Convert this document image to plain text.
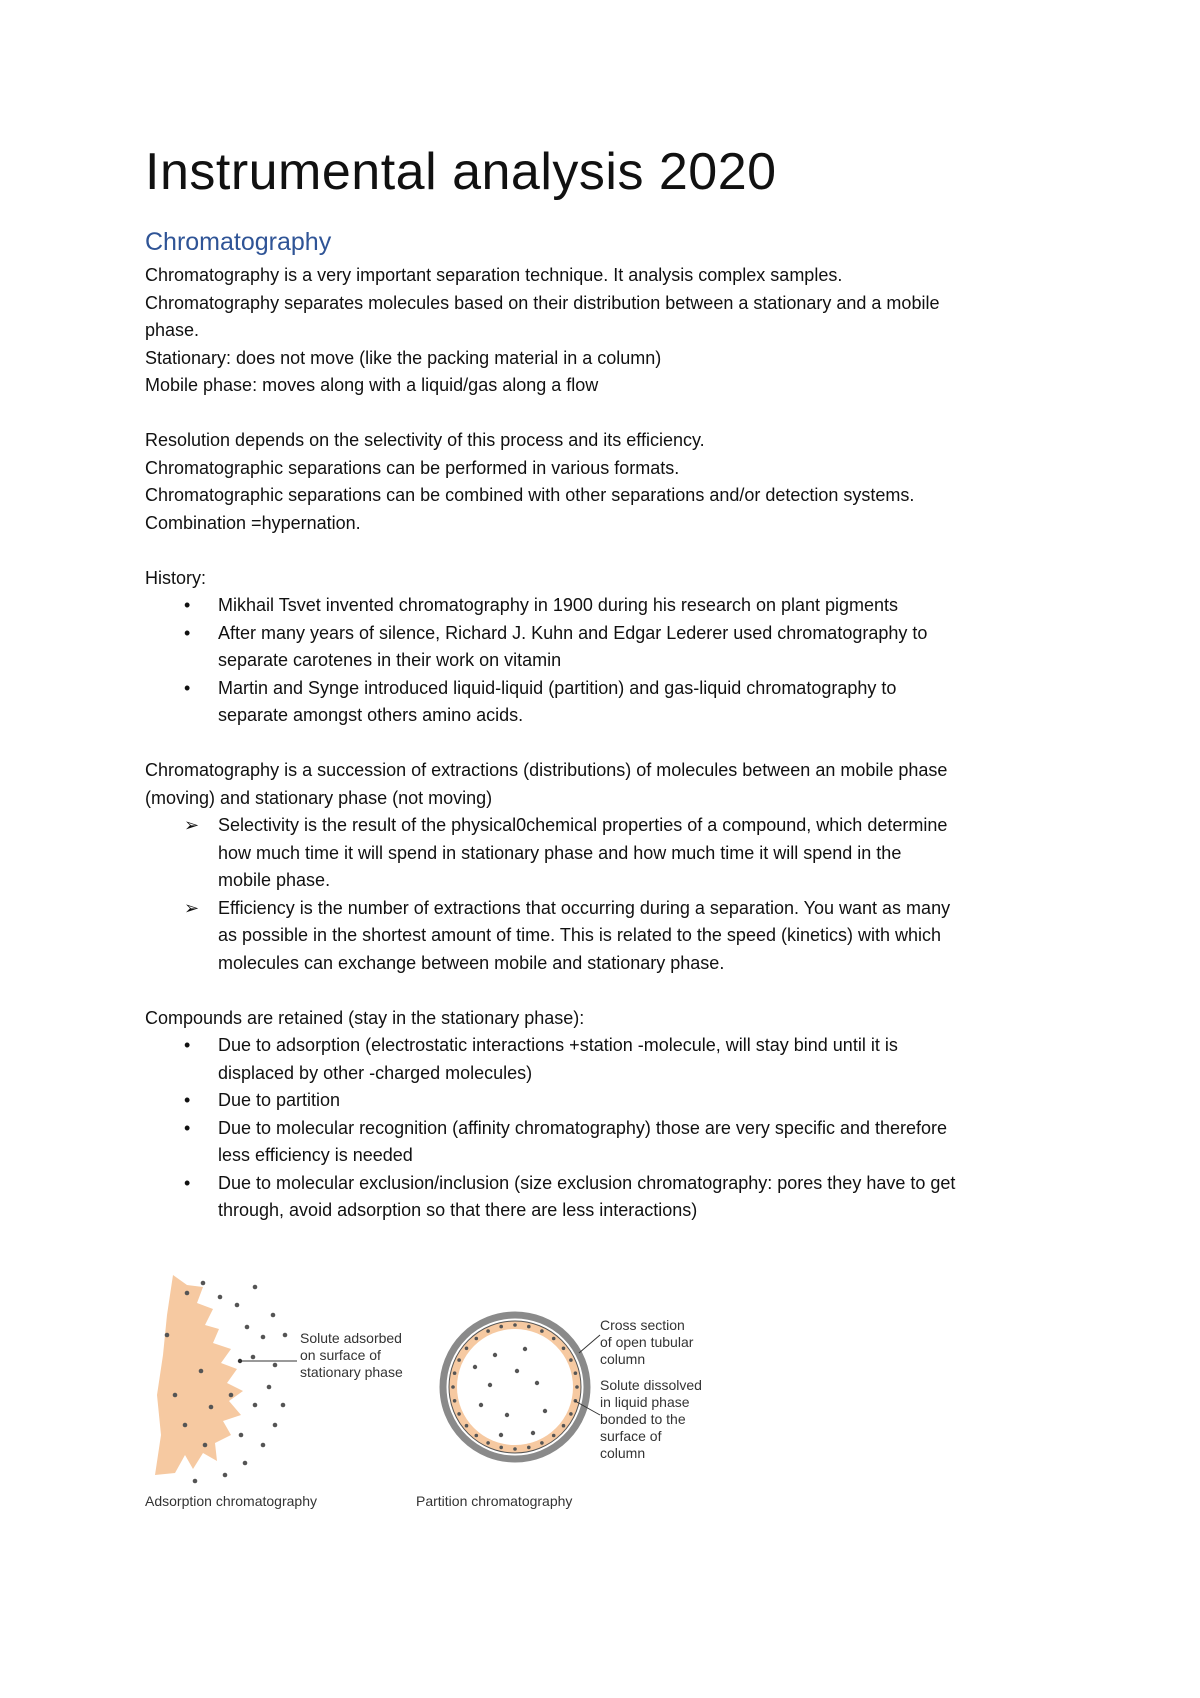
Instrumental analysis 2020
Chromatography

Chromatography is a very important separation technique. It analysis complex samples.

Chromatography separates molecules based on their distribution between a stationary and a mobile

phase.

Stationary: does not move (like the packing material in a column)

Mobile phase: moves along with a liquid/gas along a flow

Resolution depends on the selectivity of this process and its efficiency.

Chromatographic separations can be performed in various formats.

Chromatographic separations can be combined with other separations and/or detection systems.

Combination =hypernation.

History:

•	Mikhail Tsvet invented chromatography in 1900 during his research on plant pigments
•	After many years of silence, Richard J. Kuhn and Edgar Lederer used chromatography to
separate carotenes in their work on vitamin
•	Martin and Synge introduced liquid-liquid (partition) and gas-liquid chromatography to
separate amongst others amino acids.

Chromatography is a succession of extractions (distributions) of molecules between an mobile phase

(moving) and stationary phase (not moving)

➢ Selectivity is the result of the physical0chemical properties of a compound, which determine
how much time it will spend in stationary phase and how much time it will spend in the
mobile phase.
➢ Efficiency is the number of extractions that occurring during a separation. You want as many
as possible in the shortest amount of time. This is related to the speed (kinetics) with which
molecules can exchange between mobile and stationary phase.

Compounds are retained (stay in the stationary phase):

•	Due to adsorption (electrostatic interactions +station -molecule, will stay bind until it is
displaced by other -charged molecules)
•	Due to partition
•	Due to molecular recognition (affinity chromatography) those are very specific and therefore
less efficiency is needed
•	Due to molecular exclusion/inclusion (size exclusion chromatography: pores they have to get
through, avoid adsorption so that there are less interactions)
Solute adsorbed
on surface of
stationary phase
Adsorption chromatography
Cross section
of open tubular
column
Solute dissolved
in liquid phase
bonded to the
surface of
column
Partition chromatography
